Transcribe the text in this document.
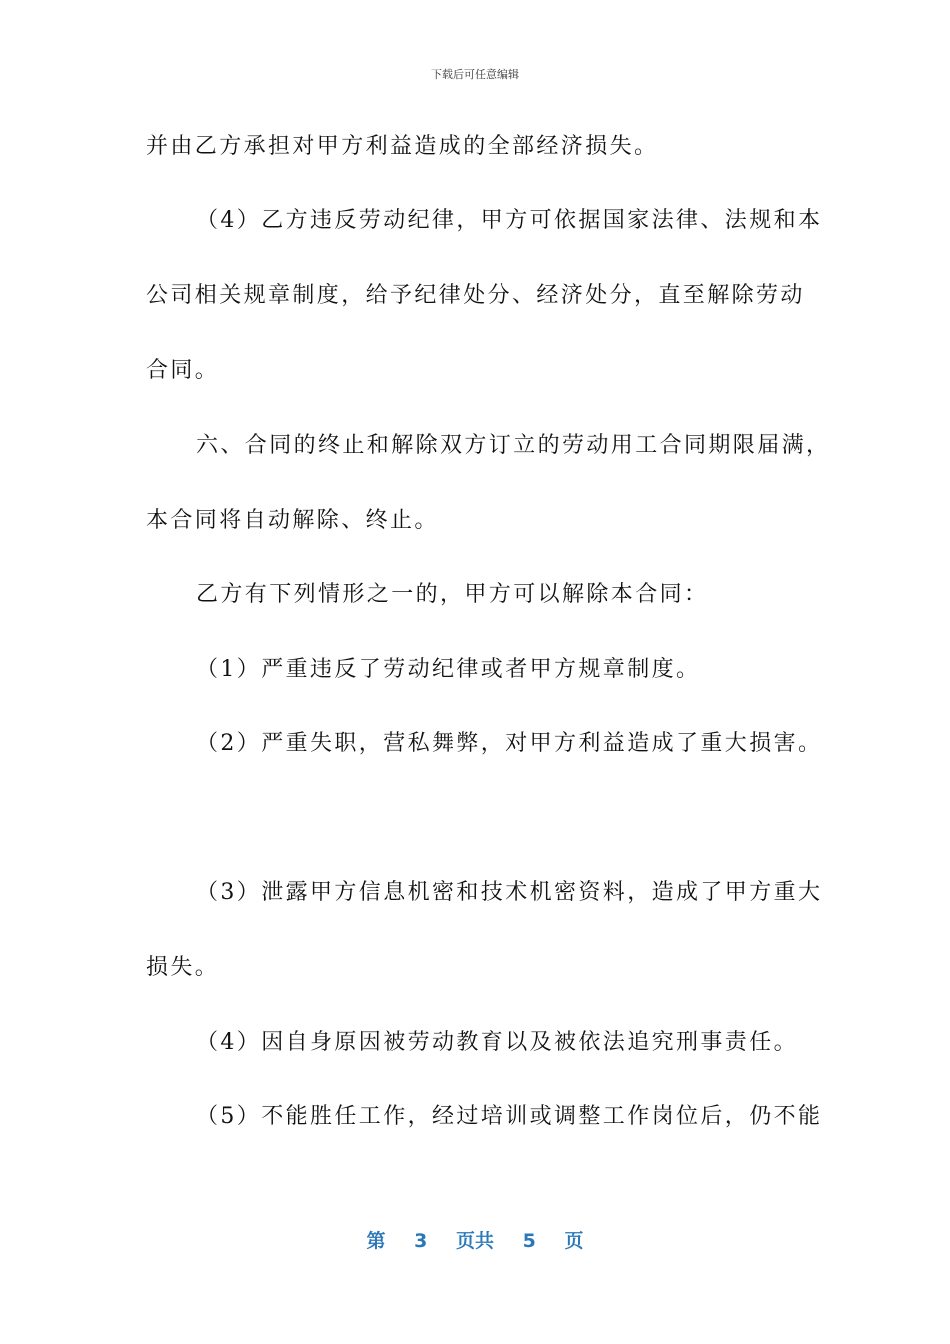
下载后可任意编辑
并由乙方承担对甲方利益造成的全部经济损失。
（4）乙方违反劳动纪律，甲方可依据国家法律、法规和本
公司相关规章制度，给予纪律处分、经济处分，直至解除劳动
合同。
六、合同的终止和解除双方订立的劳动用工合同期限届满，
本合同将自动解除、终止。
乙方有下列情形之一的，甲方可以解除本合同：
（1）严重违反了劳动纪律或者甲方规章制度。
（2）严重失职，营私舞弊，对甲方利益造成了重大损害。
（3）泄露甲方信息机密和技术机密资料，造成了甲方重大
损失。
（4）因自身原因被劳动教育以及被依法追究刑事责任。
（5）不能胜任工作，经过培训或调整工作岗位后，仍不能
第 3 页共 5 页
